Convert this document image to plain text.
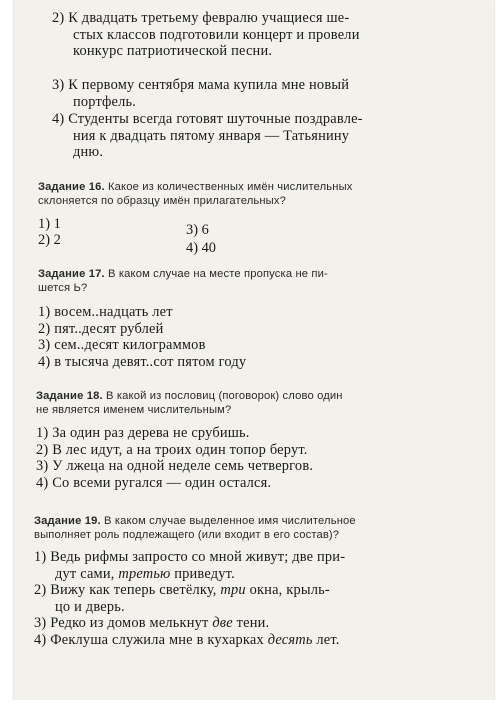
2) К двадцать третьему февралю учащиеся ше-
стых классов подготовили концерт и провели
конкурс патриотической песни.
3) К первому сентября мама купила мне новый
портфель.
4) Студенты всегда готовят шуточные поздравле-
ния к двадцать пятому января — Татьянину
дню.
Задание 16. Какое из количественных имён числительных
склоняется по образцу имён прилагательных?
1) 1
2) 2
3) 6
4) 40
Задание 17. В каком случае на месте пропуска не пи-
шется Ь?
1) восем..надцать лет
2) пят..десят рублей
3) сем..десят килограммов
4) в тысяча девят..сот пятом году
Задание 18. В какой из пословиц (поговорок) слово один
не является именем числительным?
1) За один раз дерева не срубишь.
2) В лес идут, а на троих один топор берут.
3) У лжеца на одной неделе семь четвергов.
4) Со всеми ругался — один остался.
Задание 19. В каком случае выделенное имя числительное
выполняет роль подлежащего (или входит в его состав)?
1) Ведь рифмы запросто со мной живут; две при-
дут сами, третью приведут.
2) Вижу как теперь светёлку, три окна, крыль-
цо и дверь.
3) Редко из домов мелькнут две тени.
4) Феклуша служила мне в кухарках десять лет.
